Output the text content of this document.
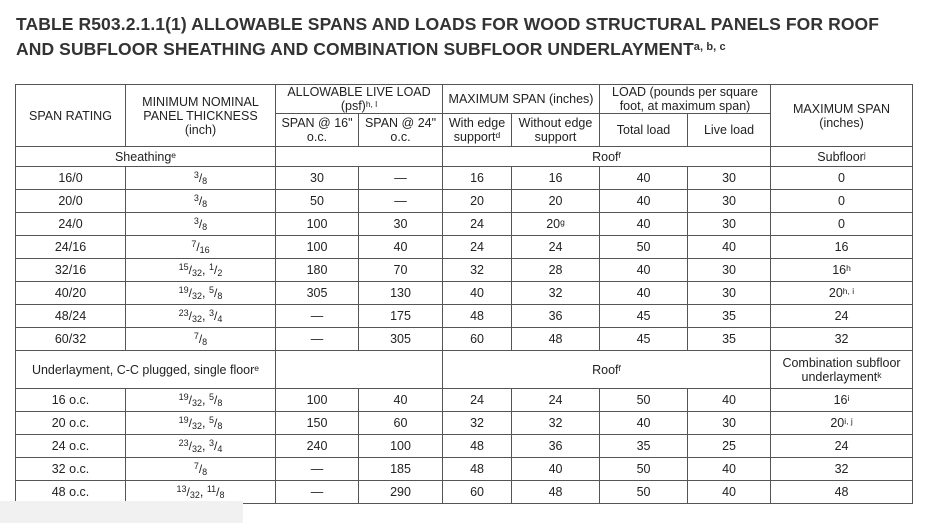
TABLE R503.2.1.1(1) ALLOWABLE SPANS AND LOADS FOR WOOD STRUCTURAL PANELS FOR ROOF AND SUBFLOOR SHEATHING AND COMBINATION SUBFLOOR UNDERLAYMENT$^{a, b, c}$
SPAN RATING	MINIMUM NOMINAL PANEL THICKNESS (inch)	ALLOWABLE LIVE LOAD (psf)$^{h, l}$		MAXIMUM SPAN (inches)		LOAD (pounds per square foot, at maximum span)		MAXIMUM SPAN (inches)
		SPAN @ 16" o.c.	SPAN @ 24" o.c.	With edge support$^d$	Without edge support	Total load	Live load	
Sheathing$^e$				Roof$^f$				Subfloor$^j$
16/0	$^3/_8$	30	—	16	16	40	30	0
20/0	$^3/_8$	50	—	20	20	40	30	0
24/0	$^3/_8$	100	30	24	20$^g$	40	30	0
24/16	$^7/_{16}$	100	40	24	24	50	40	16
32/16	$^{15}/_{32}$, $^1/_2$	180	70	32	28	40	30	16$^h$
40/20	$^{19}/_{32}$, $^5/_8$	305	130	40	32	40	30	20$^{h, i}$
48/24	$^{23}/_{32}$, $^3/_4$	—	175	48	36	45	35	24
60/32	$^7/_8$	—	305	60	48	45	35	32
Underlayment, C-C plugged, single floor$^e$				Roof$^f$				Combination subfloor underlayment$^k$
16 o.c.	$^{19}/_{32}$, $^5/_8$	100	40	24	24	50	40	16$^i$
20 o.c.	$^{19}/_{32}$, $^5/_8$	150	60	32	32	40	30	20$^{i, j}$
24 o.c.	$^{23}/_{32}$, $^3/_4$	240	100	48	36	35	25	24
32 o.c.	$^7/_8$	—	185	48	40	50	40	32
48 o.c.	$^{13}/_{32}$, $^{11}/_8$	—	290	60	48	50	40	48
